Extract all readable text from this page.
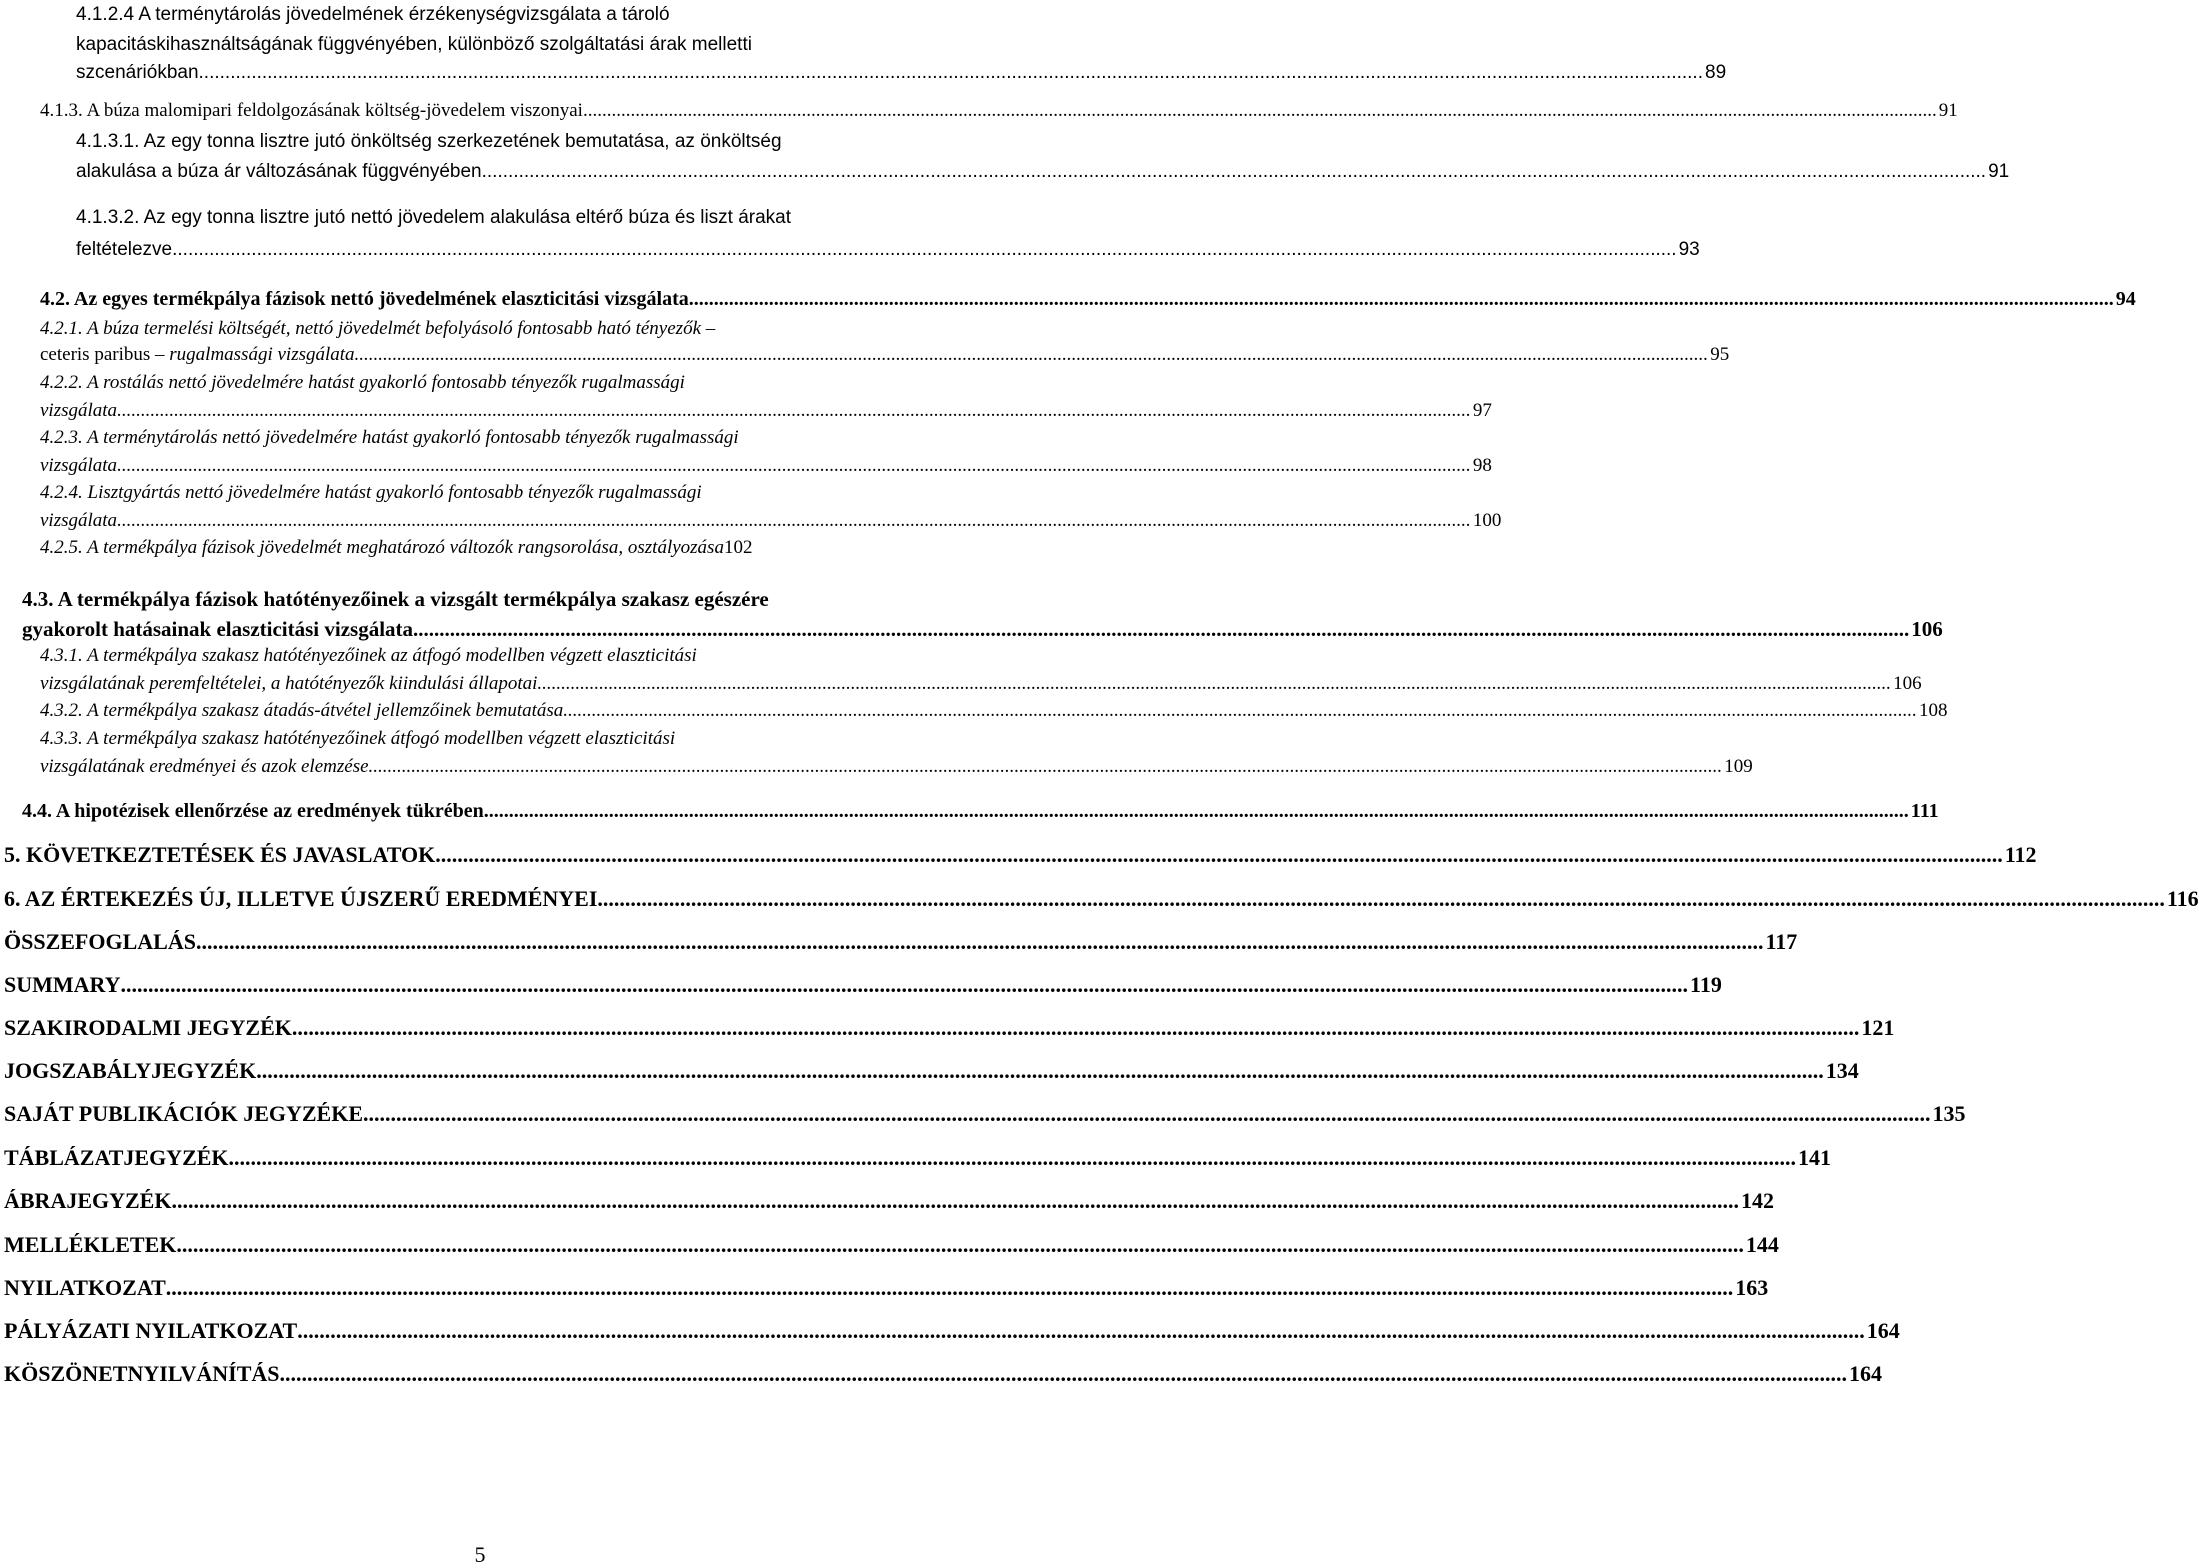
4.1.2.4 A terménytárolás jövedelmének érzékenységvizsgálata a tároló
kapacitáskihasználtságának függvényében, különböző szolgáltatási árak melletti
szcenáriókban .....	89
4.1.3. A búza malomipari feldolgozásának költség-jövedelem viszonyai .....	91
4.1.3.1. Az egy tonna lisztre jutó önköltség szerkezetének bemutatása, az önköltség
alakulása a búza ár változásának függvényében .....	91
4.1.3.2. Az egy tonna lisztre jutó nettó jövedelem alakulása eltérő búza és liszt árakat
feltételezve .....	93
4.2. Az egyes termékpálya fázisok nettó jövedelmének elaszticitási vizsgálata .....	94
4.2.1. A búza termelési költségét, nettó jövedelmét befolyásoló fontosabb ható tényezők –
ceteris paribus – rugalmassági vizsgálata .....	95
4.2.2. A rostálás nettó jövedelmére hatást gyakorló fontosabb tényezők rugalmassági
vizsgálata .....	97
4.2.3. A terménytárolás nettó jövedelmére hatást gyakorló fontosabb tényezők rugalmassági
vizsgálata .....	98
4.2.4. Lisztgyártás nettó jövedelmére hatást gyakorló fontosabb tényezők rugalmassági
vizsgálata .....	100
4.2.5. A termékpálya fázisok jövedelmét meghatározó változók rangsorolása, osztályozása 102
4.3. A termékpálya fázisok hatótényezőinek a vizsgált termékpálya szakasz egészére
gyakorolt hatásainak elaszticitási vizsgálata .....	106
4.3.1. A termékpálya szakasz hatótényezőinek az átfogó modellben végzett elaszticitási
vizsgálatának peremfeltételei, a hatótényezők kiindulási állapotai .....	106
4.3.2. A termékpálya szakasz átadás-átvétel jellemzőinek bemutatása .....	108
4.3.3. A termékpálya szakasz hatótényezőinek átfogó modellben végzett elaszticitási
vizsgálatának eredményei és azok elemzése .....	109
4.4. A hipotézisek ellenőrzése az eredmények tükrében .....	111
5. KÖVETKEZTETÉSEK ÉS JAVASLATOK .....	112
6. AZ ÉRTEKEZÉS ÚJ, ILLETVE ÚJSZERŰ EREDMÉNYEI .....	116
ÖSSZEFOGLALÁS .....	117
SUMMARY .....	119
SZAKIRODALMI JEGYZÉK .....	121
JOGSZABÁLYJEGYZÉK .....	134
SAJÁT PUBLIKÁCIÓK JEGYZÉKE .....	135
TÁBLÁZATJEGYZÉK .....	141
ÁBRAJEGYZÉK .....	142
MELLÉKLETEK .....	144
NYILATKOZAT .....	163
PÁLYÁZATI NYILATKOZAT .....	164
KÖSZÖNETNYILVÁNÍTÁS .....	164
5
